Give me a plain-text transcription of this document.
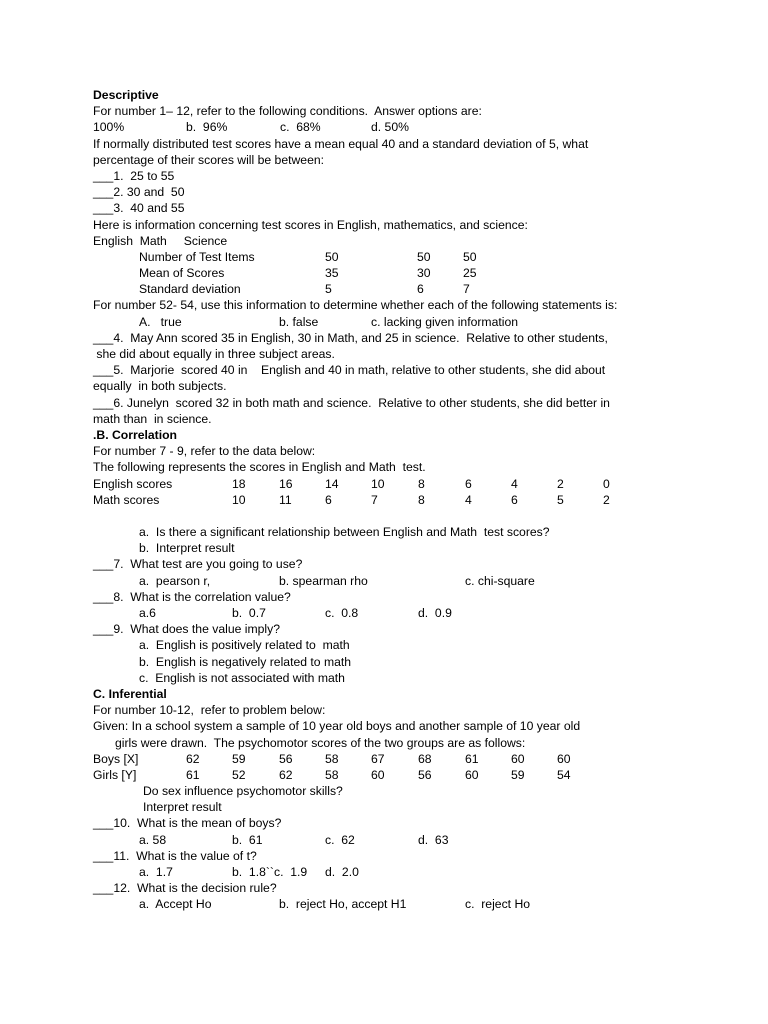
Descriptive
For number 1– 12, refer to the following conditions.  Answer options are:
100%	b.  96%	c.  68%	d. 50%
If normally distributed test scores have a mean equal 40 and a standard deviation of 5, what
percentage of their scores will be between:
___1.  25 to 55
___2. 30 and  50
___3.  40 and 55
Here is information concerning test scores in English, mathematics, and science:
English  Math     Science
Number of Test Items	50	50	50
Mean of Scores	35	30	25
Standard deviation	5	6	7
For number 52- 54, use this information to determine whether each of the following statements is:
A.   true	b. false	c. lacking given information
___4.  May Ann scored 35 in English, 30 in Math, and 25 in science.  Relative to other students,
she did about equally in three subject areas.
___5.  Marjorie  scored 40 in    English and 40 in math, relative to other students, she did about
equally  in both subjects.
___6. Junelyn  scored 32 in both math and science.  Relative to other students, she did better in
math than  in science.
.B. Correlation
For number 7 - 9, refer to the data below:
The following represents the scores in English and Math  test.
English scores	18	16	14	10	8	6	4	2	0
Math scores	10	11	6	7	8	4	6	5	2
a.  Is there a significant relationship between English and Math  test scores?
b.  Interpret result
___7.  What test are you going to use?
a.  pearson r,	b. spearman rho	c. chi-square
___8.  What is the correlation value?
a.6	b.  0.7	c.  0.8	d.  0.9
___9.  What does the value imply?
a.  English is positively related to  math
b.  English is negatively related to math
c.  English is not associated with math
C. Inferential
For number 10-12,  refer to problem below:
Given: In a school system a sample of 10 year old boys and another sample of 10 year old
girls were drawn.  The psychomotor scores of the two groups are as follows:
Boys [X]	62	59	56	58	67	68	61	60	60
Girls [Y]	61	52	62	58	60	56	60	59	54
Do sex influence psychomotor skills?
Interpret result
___10.  What is the mean of boys?
a. 58	b.  61	c.  62	d.  63
___11.  What is the value of t?
a.  1.7	b.  1.8``c.  1.9 d.  2.0
___12.  What is the decision rule?
a.  Accept Ho	b.  reject Ho, accept H1	c.  reject Ho
